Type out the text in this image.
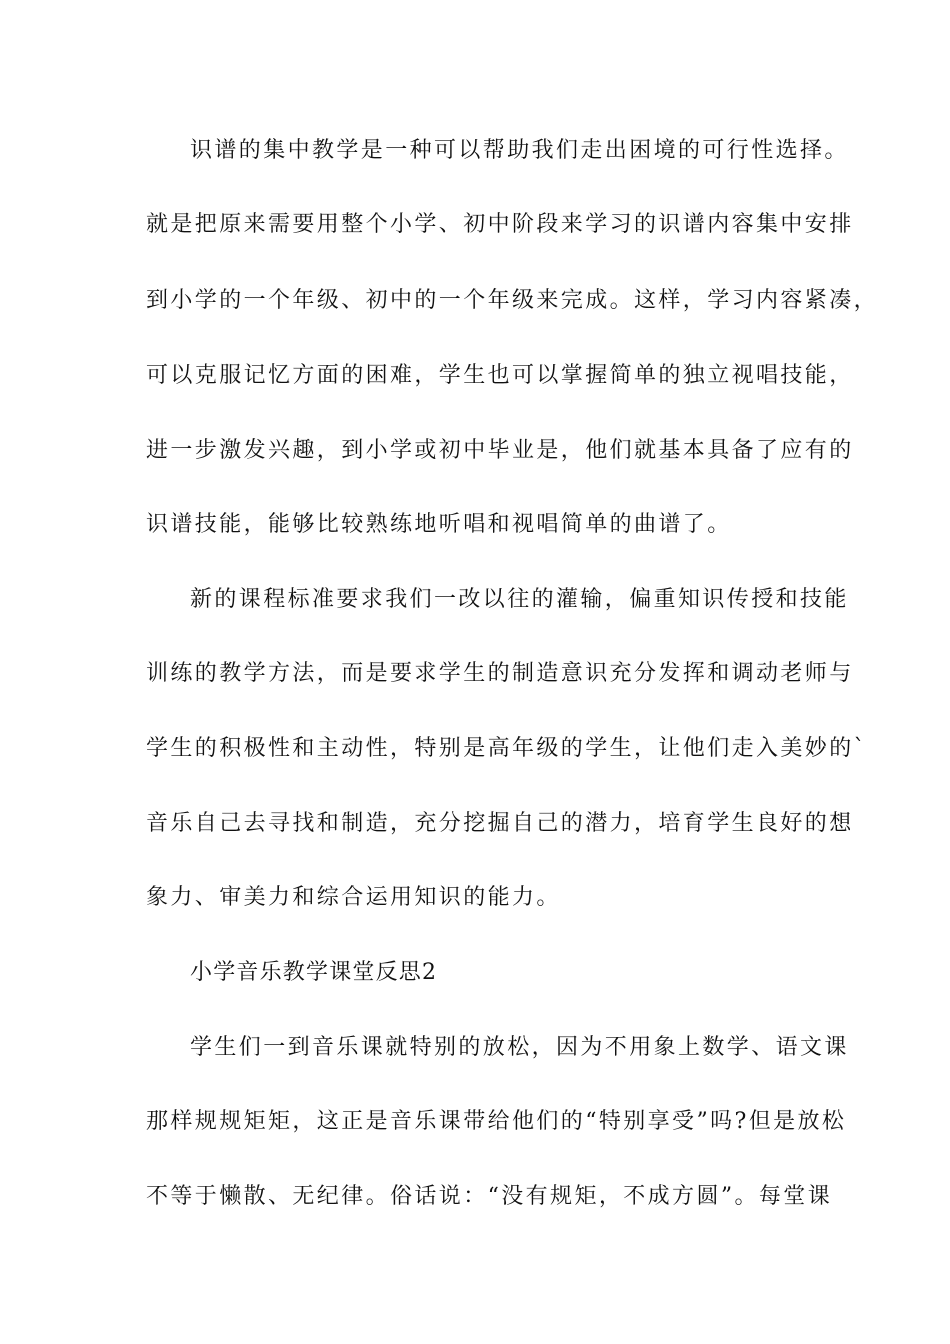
识谱的集中教学是一种可以帮助我们走出困境的可行性选择。
就是把原来需要用整个小学、初中阶段来学习的识谱内容集中安排
到小学的一个年级、初中的一个年级来完成。这样，学习内容紧凑，
可以克服记忆方面的困难，学生也可以掌握简单的独立视唱技能，
进一步激发兴趣，到小学或初中毕业是，他们就基本具备了应有的
识谱技能，能够比较熟练地听唱和视唱简单的曲谱了。
新的课程标准要求我们一改以往的灌输，偏重知识传授和技能
训练的教学方法，而是要求学生的制造意识充分发挥和调动老师与
学生的积极性和主动性，特别是高年级的学生，让他们走入美妙的`
音乐自己去寻找和制造，充分挖掘自己的潜力，培育学生良好的想
象力、审美力和综合运用知识的能力。
小学音乐教学课堂反思2
学生们一到音乐课就特别的放松，因为不用象上数学、语文课
那样规规矩矩，这正是音乐课带给他们的“特别享受”吗?但是放松
不等于懒散、无纪律。俗话说：“没有规矩，不成方圆”。每堂课
